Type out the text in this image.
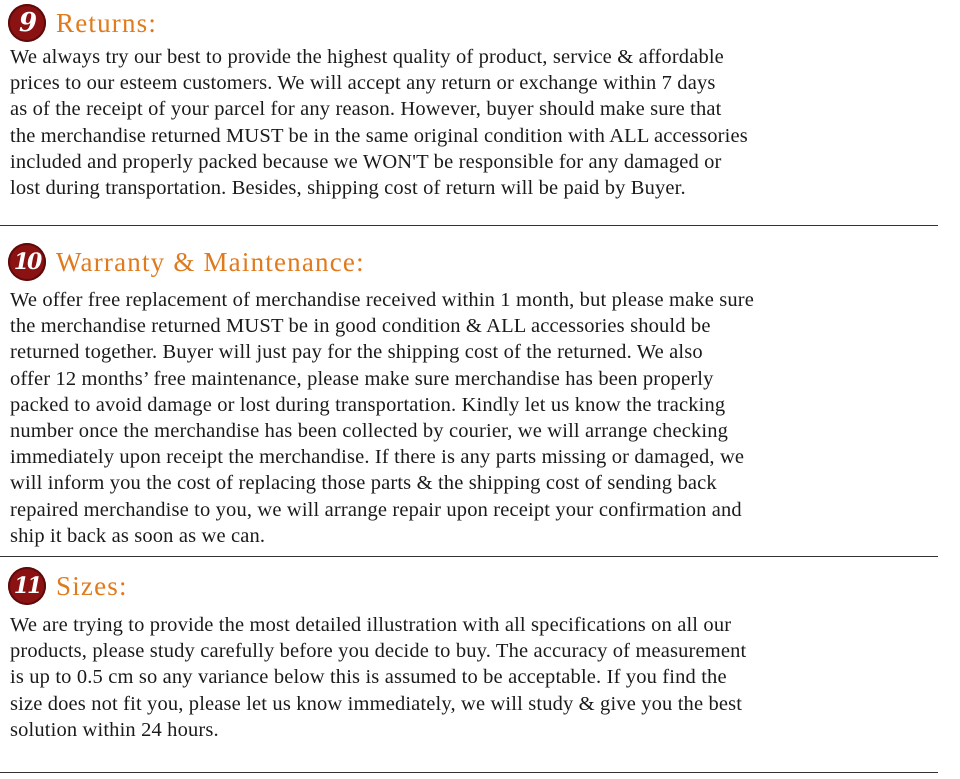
9 Returns:
We always try our best to provide the highest quality of product, service & affordable
prices to our esteem customers. We will accept any return or exchange within 7 days
as of the receipt of your parcel for any reason. However, buyer should make sure that
the merchandise returned MUST be in the same original condition with ALL accessories
included and properly packed because we WON'T be responsible for any damaged or
lost during transportation. Besides, shipping cost of return will be paid by Buyer.
10 Warranty & Maintenance:
We offer free replacement of merchandise received within 1 month, but please make sure
the merchandise returned MUST be in good condition & ALL accessories should be
returned together. Buyer will just pay for the shipping cost of the returned. We also
offer 12 months’ free maintenance, please make sure merchandise has been properly
packed to avoid damage or lost during transportation. Kindly let us know the tracking
number once the merchandise has been collected by courier, we will arrange checking
immediately upon receipt the merchandise. If there is any parts missing or damaged, we
will inform you the cost of replacing those parts & the shipping cost of sending back
repaired merchandise to you, we will arrange repair upon receipt your confirmation and
ship it back as soon as we can.
11 Sizes:
We are trying to provide the most detailed illustration with all specifications on all our
products, please study carefully before you decide to buy. The accuracy of measurement
is up to 0.5 cm so any variance below this is assumed to be acceptable. If you find the
size does not fit you, please let us know immediately, we will study & give you the best
solution within 24 hours.
